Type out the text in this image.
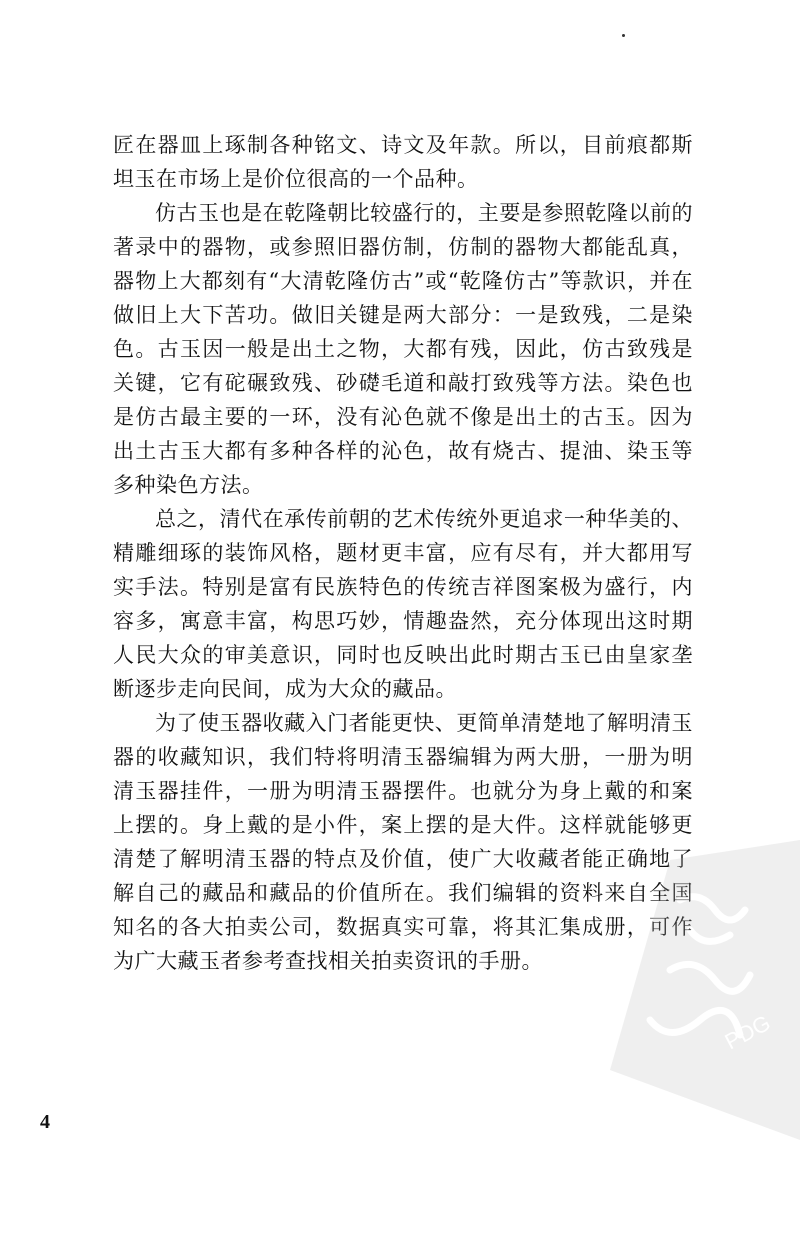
匠在器皿上琢制各种铭文、诗文及年款。所以，目前痕都斯坦玉在市场上是价位很高的一个品种。

仿古玉也是在乾隆朝比较盛行的，主要是参照乾隆以前的著录中的器物，或参照旧器仿制，仿制的器物大都能乱真，器物上大都刻有“大清乾隆仿古”或“乾隆仿古”等款识，并在做旧上大下苦功。做旧关键是两大部分：一是致残，二是染色。古玉因一般是出土之物，大都有残，因此，仿古致残是关键，它有砣碾致残、砂礎毛道和敲打致残等方法。染色也是仿古最主要的一环，没有沁色就不像是出土的古玉。因为出土古玉大都有多种各样的沁色，故有烧古、提油、染玉等多种染色方法。

总之，清代在承传前朝的艺术传统外更追求一种华美的、精雕细琢的装饰风格，题材更丰富，应有尽有，并大都用写实手法。特别是富有民族特色的传统吉祥图案极为盛行，内容多，寓意丰富，构思巧妙，情趣盎然，充分体现出这时期人民大众的审美意识，同时也反映出此时期古玉已由皇家垄断逐步走向民间，成为大众的藏品。

为了使玉器收藏入门者能更快、更简单清楚地了解明清玉器的收藏知识，我们特将明清玉器编辑为两大册，一册为明清玉器挂件，一册为明清玉器摆件。也就分为身上戴的和案上摆的。身上戴的是小件，案上摆的是大件。这样就能够更清楚了解明清玉器的特点及价值，使广大收藏者能正确地了解自己的藏品和藏品的价值所在。我们编辑的资料来自全国知名的各大拍卖公司，数据真实可靠，将其汇集成册，可作为广大藏玉者参考查找相关拍卖资讯的手册。

4
PDG
